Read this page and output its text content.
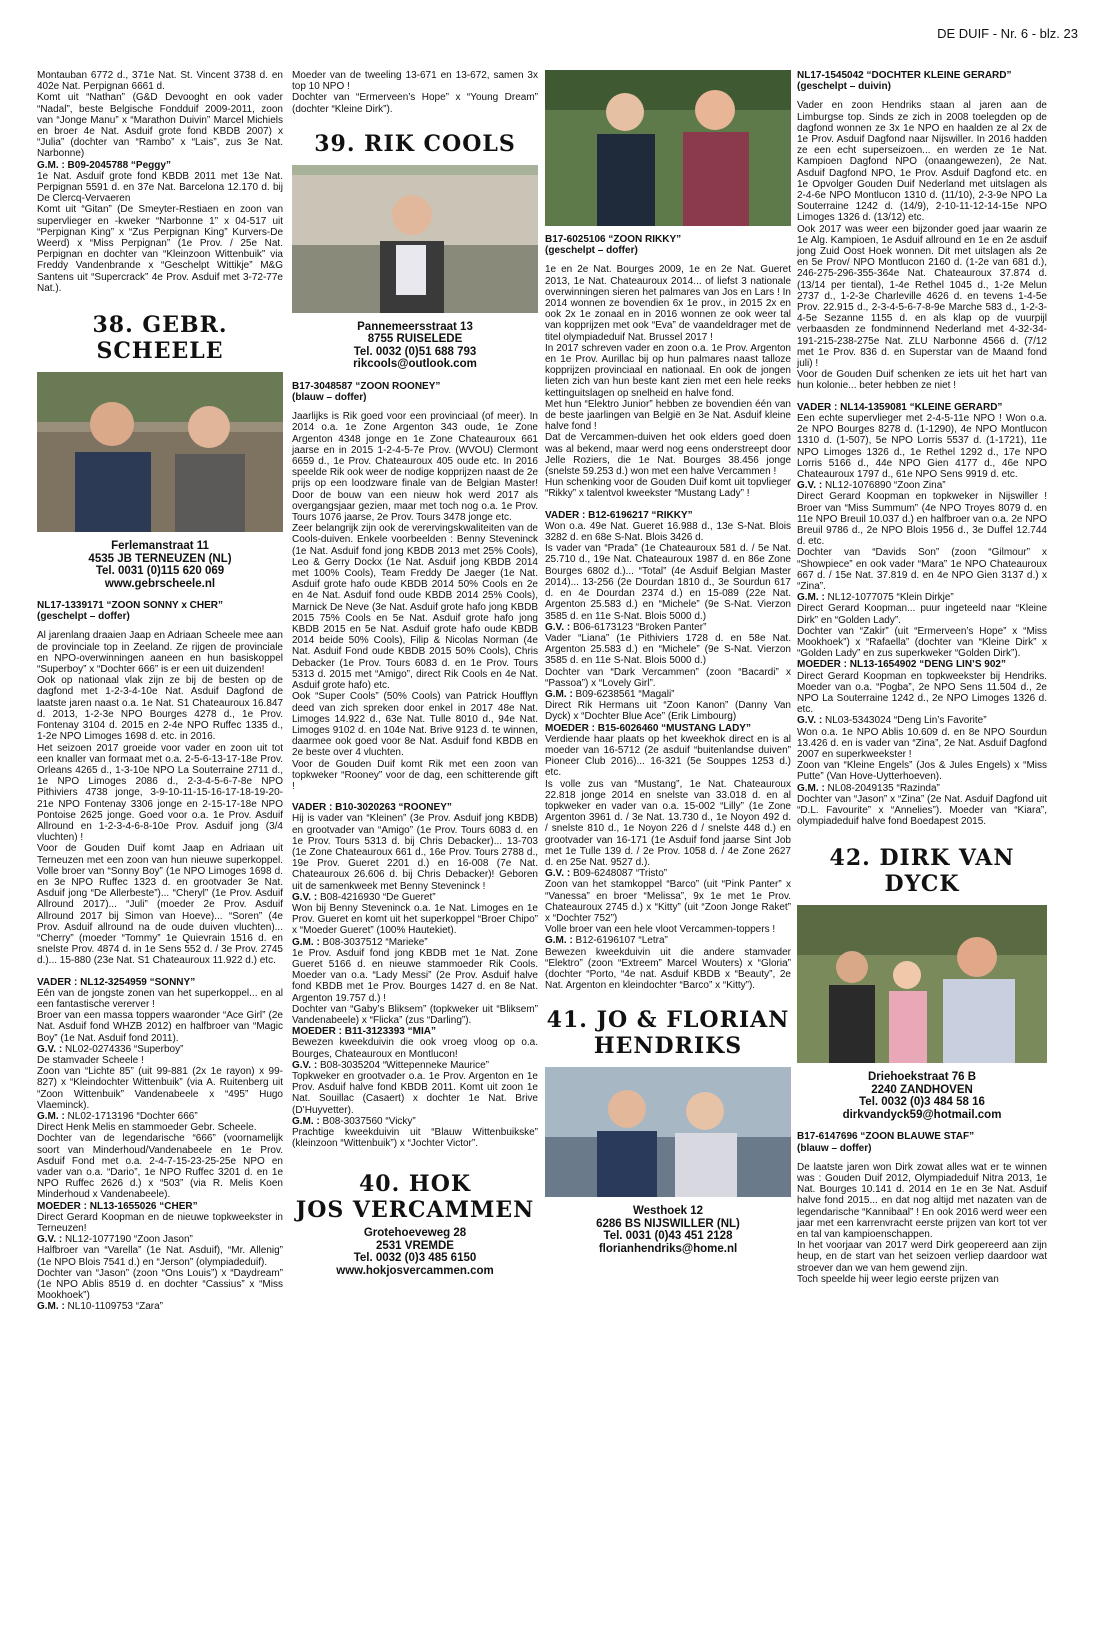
DE DUIF - Nr. 6 - blz. 23

Montauban 6772 d., 371e Nat. St. Vincent 3738 d. en 402e Nat. Perpignan 6661 d.

Komt uit “Nathan” (G&D Devooght en ook vader “Nadal”, beste Belgische Fondduif 2009-2011, zoon van “Jonge Manu” x “Marathon Duivin” Marcel Michiels en broer 4e Nat. Asduif grote fond KBDB 2007) x “Julia” (dochter van “Rambo” x “Lais”, zus 3e Nat. Narbonne)

G.M. : B09-2045788 “Peggy”

1e Nat. Asduif grote fond KBDB 2011 met 13e Nat. Perpignan 5591 d. en 37e Nat. Barcelona 12.170 d. bij De Clercq-Vervaeren

Komt uit “Gitan” (De Smeyter-Restiaen en zoon van supervlieger en -kweker “Narbonne 1” x 04-517 uit “Perpignan King” x “Zus Perpignan King” Kurvers-De Weerd) x “Miss Perpignan” (1e Prov. / 25e Nat. Perpignan en dochter van “Kleinzoon Wittenbuik” via Freddy Vandenbrande x “Geschelpt Wittikje” M&G Santens uit “Supercrack” 4e Prov. Asduif met 3-72-77e Nat.).

38. GEBR. SCHEELE
Ferlemanstraat 11
4535 JB TERNEUZEN (NL)
Tel. 0031 (0)115 620 069
www.gebrscheele.nl
NL17-1339171 “ZOON SONNY x CHER”
(geschelpt – doffer)

Al jarenlang draaien Jaap en Adriaan Scheele mee aan de provinciale top in Zeeland. Ze rijgen de provinciale en NPO-overwinningen aaneen en hun basiskoppel “Superboy” x “Dochter 666” is er een uit duizenden!

Ook op nationaal vlak zijn ze bij de besten op de dagfond met 1-2-3-4-10e Nat. Asduif Dagfond de laatste jaren naast o.a. 1e Nat. S1 Chateauroux 16.847 d. 2013, 1-2-3e NPO Bourges 4278 d., 1e Prov. Fontenay 3104 d. 2015 en 2-4e NPO Ruffec 1335 d., 1-2e NPO Limoges 1698 d. etc. in 2016.

Het seizoen 2017 groeide voor vader en zoon uit tot een knaller van formaat met o.a. 2-5-6-13-17-18e Prov. Orleans 4265 d., 1-3-10e NPO La Souterraine 2711 d., 1e NPO Limoges 2086 d., 2-3-4-5-6-7-8e NPO Pithiviers 4738 jonge, 3-9-10-11-15-16-17-18-19-20-21e NPO Fontenay 3306 jonge en 2-15-17-18e NPO Pontoise 2625 jonge. Goed voor o.a. 1e Prov. Asduif Allround en 1-2-3-4-6-8-10e Prov. Asduif jong (3/4 vluchten) !

Voor de Gouden Duif komt Jaap en Adriaan uit Terneuzen met een zoon van hun nieuwe superkoppel. Volle broer van “Sonny Boy” (1e NPO Limoges 1698 d. en 3e NPO Ruffec 1323 d. en grootvader 3e Nat. Asduif jong “De Allerbeste”)... “Cheryl” (1e Prov. Asduif Allround 2017)... “Juli” (moeder 2e Prov. Asduif Allround 2017 bij Simon van Hoeve)... “Soren” (4e Prov. Asduif allround na de oude duiven vluchten)... “Cherry” (moeder “Tommy” 1e Quievrain 1516 d. en snelste Prov. 4874 d. in 1e Sens 552 d. / 3e Prov. 2745 d.)... 15-880 (23e Nat. S1 Chateauroux 11.922 d.) etc.

VADER : NL12-3254959 “SONNY”

Eén van de jongste zonen van het superkoppel... en al een fantastische vererver !

Broer van een massa toppers waaronder “Ace Girl” (2e Nat. Asduif fond WHZB 2012) en halfbroer van “Magic Boy” (1e Nat. Asduif fond 2011).

G.V. : NL02-0274336 “Superboy”

De stamvader Scheele !

Zoon van “Lichte 85” (uit 99-881 (2x 1e rayon) x 99-827) x “Kleindochter Wittenbuik” (via A. Ruitenberg uit “Zoon Wittenbuik” Vandenabeele x “495” Hugo Vlaeminck).

G.M. : NL02-1713196 “Dochter 666”

Direct Henk Melis en stammoeder Gebr. Scheele.

Dochter van de legendarische “666” (voornamelijk soort van Minderhoud/Vandenabeele en 1e Prov. Asduif Fond met o.a. 2-4-7-15-23-25-25e NPO en vader van o.a. “Dario”, 1e NPO Ruffec 3201 d. en 1e NPO Ruffec 2626 d.) x “503” (via R. Melis Koen Minderhoud x Vandenabeele).

MOEDER : NL13-1655026 “CHER”

Direct Gerard Koopman en de nieuwe topkweekster in Terneuzen!

G.V. : NL12-1077190 “Zoon Jason”

Halfbroer van “Varella” (1e Nat. Asduif), “Mr. Allenig” (1e NPO Blois 7541 d.) en “Jerson” (olympiadeduif).

Dochter van “Jason” (zoon “Ons Louis”) x “Daydream” (1e NPO Ablis 8519 d. en dochter “Cassius” x “Miss Mookhoek”)

G.M. : NL10-1109753 “Zara”

Moeder van de tweeling 13-671 en 13-672, samen 3x top 10 NPO !

Dochter van “Ermerveen’s Hope” x “Young Dream” (dochter “Kleine Dirk”).

39. RIK COOLS
Pannemeersstraat 13
8755 RUISELEDE
Tel. 0032 (0)51 688 793
rikcools@outlook.com
B17-3048587 “ZOON ROONEY”
(blauw – doffer)

Jaarlijks is Rik goed voor een provinciaal (of meer). In 2014 o.a. 1e Zone Argenton 343 oude, 1e Zone Argenton 4348 jonge en 1e Zone Chateauroux 661 jaarse en in 2015 1-2-4-5-7e Prov. (WVOU) Clermont 6659 d., 1e Prov. Chateauroux 405 oude etc. In 2016 speelde Rik ook weer de nodige kopprijzen naast de 2e prijs op een loodzware finale van de Belgian Master! Door de bouw van een nieuw hok werd 2017 als overgangsjaar gezien, maar met toch nog o.a. 1e Prov. Tours 1076 jaarse, 2e Prov. Tours 3478 jonge etc.

Zeer belangrijk zijn ook de verervingskwaliteiten van de Cools-duiven. Enkele voorbeelden : Benny Steveninck (1e Nat. Asduif fond jong KBDB 2013 met 25% Cools), Leo & Gerry Dockx (1e Nat. Asduif jong KBDB 2014 met 100% Cools), Team Freddy De Jaeger (1e Nat. Asduif grote hafo oude KBDB 2014 50% Cools en 2e en 4e Nat. Asduif fond oude KBDB 2014 25% Cools), Marnick De Neve (3e Nat. Asduif grote hafo jong KBDB 2015 75% Cools en 5e Nat. Asduif grote hafo jong KBDB 2015 en 5e Nat. Asduif grote hafo oude KBDB 2014 beide 50% Cools), Filip & Nicolas Norman (4e Nat. Asduif Fond oude KBDB 2015 50% Cools), Chris Debacker (1e Prov. Tours 6083 d. en 1e Prov. Tours 5313 d. 2015 met “Amigo”, direct Rik Cools en 4e Nat. Asduif grote hafo) etc.

Ook “Super Cools” (50% Cools) van Patrick Houfflyn deed van zich spreken door enkel in 2017 48e Nat. Limoges 14.922 d., 63e Nat. Tulle 8010 d., 94e Nat. Limoges 9102 d. en 104e Nat. Brive 9123 d. te winnen, daarmee ook goed voor 8e Nat. Asduif fond KBDB en 2e beste over 4 vluchten.

Voor de Gouden Duif komt Rik met een zoon van topkweker “Rooney” voor de dag, een schitterende gift !

VADER : B10-3020263 “ROONEY”

Hij is vader van “Kleinen” (3e Prov. Asduif jong KBDB) en grootvader van “Amigo” (1e Prov. Tours 6083 d. en 1e Prov. Tours 5313 d. bij Chris Debacker)... 13-703 (1e Zone Chateauroux 661 d., 16e Prov. Tours 2788 d., 19e Prov. Gueret 2201 d.) en 16-008 (7e Nat. Chateauroux 26.606 d. bij Chris Debacker)! Geboren uit de samenkweek met Benny Steveninck !

G.V. : B08-4216930 “De Gueret”

Won bij Benny Steveninck o.a. 1e Nat. Limoges en 1e Prov. Gueret en komt uit het superkoppel “Broer Chipo” x “Moeder Gueret” (100% Hautekiet).

G.M. : B08-3037512 “Marieke”

1e Prov. Asduif fond jong KBDB met 1e Nat. Zone Gueret 5166 d. en nieuwe stammoeder Rik Cools. Moeder van o.a. “Lady Messi” (2e Prov. Asduif halve fond KBDB met 1e Prov. Bourges 1427 d. en 8e Nat. Argenton 19.757 d.) !

Dochter van “Gaby’s Bliksem” (topkweker uit “Bliksem” Vandenabeele) x “Flicka” (zus “Darling”).

MOEDER : B11-3123393 “MIA”

Bewezen kweekduivin die ook vroeg vloog op o.a. Bourges, Chateauroux en Montlucon!

G.V. : B08-3035204 “Wittepenneke Maurice”

Topkweker en grootvader o.a. 1e Prov. Argenton en 1e Prov. Asduif halve fond KBDB 2011. Komt uit zoon 1e Nat. Souillac (Casaert) x dochter 1e Nat. Brive (D’Huyvetter).

G.M. : B08-3037560 “Vicky”

Prachtige kweekduivin uit “Blauw Wittenbuikske” (kleinzoon “Wittenbuik”) x “Jochter Victor”.

40. HOK
JOS VERCAMMEN
Grotehoeveweg 28
2531 VREMDE
Tel. 0032 (0)3 485 6150
www.hokjosvercammen.com
B17-6025106 “ZOON RIKKY”
(geschelpt – doffer)

1e en 2e Nat. Bourges 2009, 1e en 2e Nat. Gueret 2013, 1e Nat. Chateauroux 2014... of liefst 3 nationale overwinningen sieren het palmares van Jos en Lars ! In 2014 wonnen ze bovendien 6x 1e prov., in 2015 2x en ook 2x 1e zonaal en in 2016 wonnen ze ook weer tal van kopprijzen met ook “Eva” de vaandeldrager met de titel olympiadeduif Nat. Brussel 2017 !

In 2017 schreven vader en zoon o.a. 1e Prov. Argenton en 1e Prov. Aurillac bij op hun palmares naast talloze kopprijzen provinciaal en nationaal. En ook de jongen lieten zich van hun beste kant zien met een hele reeks kettinguitslagen op snelheid en halve fond.

Met hun “Elektro Junior” hebben ze bovendien één van de beste jaarlingen van België en 3e Nat. Asduif kleine halve fond !

Dat de Vercammen-duiven het ook elders goed doen was al bekend, maar werd nog eens onderstreept door Jelle Roziers, die 1e Nat. Bourges 38.456 jonge (snelste 59.253 d.) won met een halve Vercammen !

Hun schenking voor de Gouden Duif komt uit topvlieger “Rikky” x talentvol kweekster “Mustang Lady” !

VADER : B12-6196217 “RIKKY”

Won o.a. 49e Nat. Gueret 16.988 d., 13e S-Nat. Blois 3282 d. en 68e S-Nat. Blois 3426 d.

Is vader van “Prada” (1e Chateauroux 581 d. / 5e Nat. 25.710 d., 19e Nat. Chateauroux 1987 d. en 86e Zone Bourges 6802 d.)... “Total” (4e Asduif Belgian Master 2014)... 13-256 (2e Dourdan 1810 d., 3e Sourdun 617 d. en 4e Dourdan 2374 d.) en 15-089 (22e Nat. Argenton 25.583 d.) en “Michele” (9e S-Nat. Vierzon 3585 d. en 11e S-Nat. Blois 5000 d.)

G.V. : B06-6173123 “Broken Panter”

Vader “Liana” (1e Pithiviers 1728 d. en 58e Nat. Argenton 25.583 d.) en “Michele” (9e S-Nat. Vierzon 3585 d. en 11e S-Nat. Blois 5000 d.)

Dochter van “Dark Vercammen” (zoon “Bacardi” x “Passoa”) x “Lovely Girl”.

G.M. : B09-6238561 “Magali”

Direct Rik Hermans uit “Zoon Kanon” (Danny Van Dyck) x “Dochter Blue Ace” (Erik Limbourg)

MOEDER : B15-6026460 “MUSTANG LADY”

Verdiende haar plaats op het kweekhok direct en is al moeder van 16-5712 (2e asduif “buitenlandse duiven” Pioneer Club 2016)... 16-321 (5e Souppes 1253 d.) etc.

Is volle zus van “Mustang”, 1e Nat. Chateauroux 22.818 jonge 2014 en snelste van 33.018 d. en al topkweker en vader van o.a. 15-002 “Lilly” (1e Zone Argenton 3961 d. / 3e Nat. 13.730 d., 1e Noyon 492 d. / snelste 810 d., 1e Noyon 226 d / snelste 448 d.) en grootvader van 16-171 (1e Asduif fond jaarse Sint Job met 1e Tulle 139 d. / 2e Prov. 1058 d. / 4e Zone 2627 d. en 25e Nat. 9527 d.).

G.V. : B09-6248087 “Tristo”

Zoon van het stamkoppel “Barco” (uit “Pink Panter” x “Vanessa” en broer “Melissa”, 9x 1e met 1e Prov. Chateauroux 2745 d.) x “Kitty” (uit “Zoon Jonge Raket” x “Dochter 752”)

Volle broer van een hele vloot Vercammen-toppers !

G.M. : B12-6196107 “Letra”

Bewezen kweekduivin uit die andere stamvader “Elektro” (zoon “Extreem” Marcel Wouters) x “Gloria” (dochter “Porto, “4e nat. Asduif KBDB x “Beauty”, 2e Nat. Argenton en kleindochter “Barco” x “Kitty”).

41. JO & FLORIAN
HENDRIKS
Westhoek 12
6286 BS NIJSWILLER (NL)
Tel. 0031 (0)43 451 2128
florianhendriks@home.nl
NL17-1545042 “DOCHTER KLEINE GERARD”
(geschelpt – duivin)

Vader en zoon Hendriks staan al jaren aan de Limburgse top. Sinds ze zich in 2008 toelegden op de dagfond wonnen ze 3x 1e NPO en haalden ze al 2x de 1e Prov. Asduif Dagfond naar Nijswiller. In 2016 hadden ze een echt superseizoen... en werden ze 1e Nat. Kampioen Dagfond NPO (onaangewezen), 2e Nat. Asduif Dagfond NPO, 1e Prov. Asduif Dagfond etc. en 1e Opvolger Gouden Duif Nederland met uitslagen als 2-4-6e NPO Montlucon 1310 d. (11/10), 2-3-9e NPO La Souterraine 1242 d. (14/9), 2-10-11-12-14-15e NPO Limoges 1326 d. (13/12) etc.

Ook 2017 was weer een bijzonder goed jaar waarin ze 1e Alg. Kampioen, 1e Asduif allround en 1e en 2e asduif jong Zuid Oost Hoek wonnen. Dit met uitslagen als 2e en 5e Prov/ NPO Montlucon 2160 d. (1-2e van 681 d.), 246-275-296-355-364e Nat. Chateauroux 37.874 d. (13/14 per tiental), 1-4e Rethel 1045 d., 1-2e Melun 2737 d., 1-2-3e Charleville 4626 d. en tevens 1-4-5e Prov. 22.915 d., 2-3-4-5-6-7-8-9e Marche 583 d., 1-2-3-4-5e Sezanne 1155 d. en als klap op de vuurpijl verbaasden ze fondminnend Nederland met 4-32-34-191-215-238-275e Nat. ZLU Narbonne 4566 d. (7/12 met 1e Prov. 836 d. en Superstar van de Maand fond juli) !

Voor de Gouden Duif schenken ze iets uit het hart van hun kolonie... beter hebben ze niet !

VADER : NL14-1359081 “KLEINE GERARD”

Een echte supervlieger met 2-4-5-11e NPO ! Won o.a. 2e NPO Bourges 8278 d. (1-1290), 4e NPO Montlucon 1310 d. (1-507), 5e NPO Lorris 5537 d. (1-1721), 11e NPO Limoges 1326 d., 1e Rethel 1292 d., 17e NPO Lorris 5166 d., 44e NPO Gien 4177 d., 46e NPO Chateauroux 1797 d., 61e NPO Sens 9919 d. etc.

G.V. : NL12-1076890 “Zoon Zina”

Direct Gerard Koopman en topkweker in Nijswiller ! Broer van “Miss Summum” (4e NPO Troyes 8079 d. en 11e NPO Breuil 10.037 d.) en halfbroer van o.a. 2e NPO Breuil 9786 d., 2e NPO Blois 1956 d., 3e Duffel 12.744 d. etc.

Dochter van “Davids Son” (zoon “Gilmour” x “Showpiece” en ook vader “Mara” 1e NPO Chateauroux 667 d. / 15e Nat. 37.819 d. en 4e NPO Gien 3137 d.) x “Zina”.

G.M. : NL12-1077075 “Klein Dirkje”

Direct Gerard Koopman... puur ingeteeld naar “Kleine Dirk” en “Golden Lady”.

Dochter van “Zakir” (uit “Ermerveen’s Hope” x “Miss Mookhoek”) x “Rafaella” (dochter van “Kleine Dirk” x “Golden Lady” en zus superkweker “Golden Dirk”).

MOEDER : NL13-1654902 “DENG LIN’S 902”

Direct Gerard Koopman en topkweekster bij Hendriks. Moeder van o.a. “Pogba”, 2e NPO Sens 11.504 d., 2e NPO La Souterraine 1242 d., 2e NPO Limoges 1326 d. etc.

G.V. : NL03-5343024 “Deng Lin’s Favorite”

Won o.a. 1e NPO Ablis 10.609 d. en 8e NPO Sourdun 13.426 d. en is vader van “Zina”, 2e Nat. Asduif Dagfond 2007 en superkweekster !

Zoon van “Kleine Engels” (Jos & Jules Engels) x “Miss Putte” (Van Hove-Uytterhoeven).

G.M. : NL08-2049135 “Razinda”

Dochter van “Jason” x “Zina” (2e Nat. Asduif Dagfond uit “D.L. Favourite” x “Annelies”). Moeder van “Kiara”, olympiadeduif halve fond Boedapest 2015.

42. DIRK VAN DYCK
Driehoekstraat 76 B
2240 ZANDHOVEN
Tel. 0032 (0)3 484 58 16
dirkvandyck59@hotmail.com
B17-6147696 “ZOON BLAUWE STAF”
(blauw – doffer)

De laatste jaren won Dirk zowat alles wat er te winnen was : Gouden Duif 2012, Olympiadeduif Nitra 2013, 1e Nat. Bourges 10.141 d. 2014 en 1e en 3e Nat. Asduif halve fond 2015... en dat nog altijd met nazaten van de legendarische “Kannibaal” ! En ook 2016 werd weer een jaar met een karrenvracht eerste prijzen van kort tot ver en tal van kampioenschappen.

In het voorjaar van 2017 werd Dirk geopereerd aan zijn heup, en de start van het seizoen verliep daardoor wat stroever dan we van hem gewend zijn.

Toch speelde hij weer legio eerste prijzen van
